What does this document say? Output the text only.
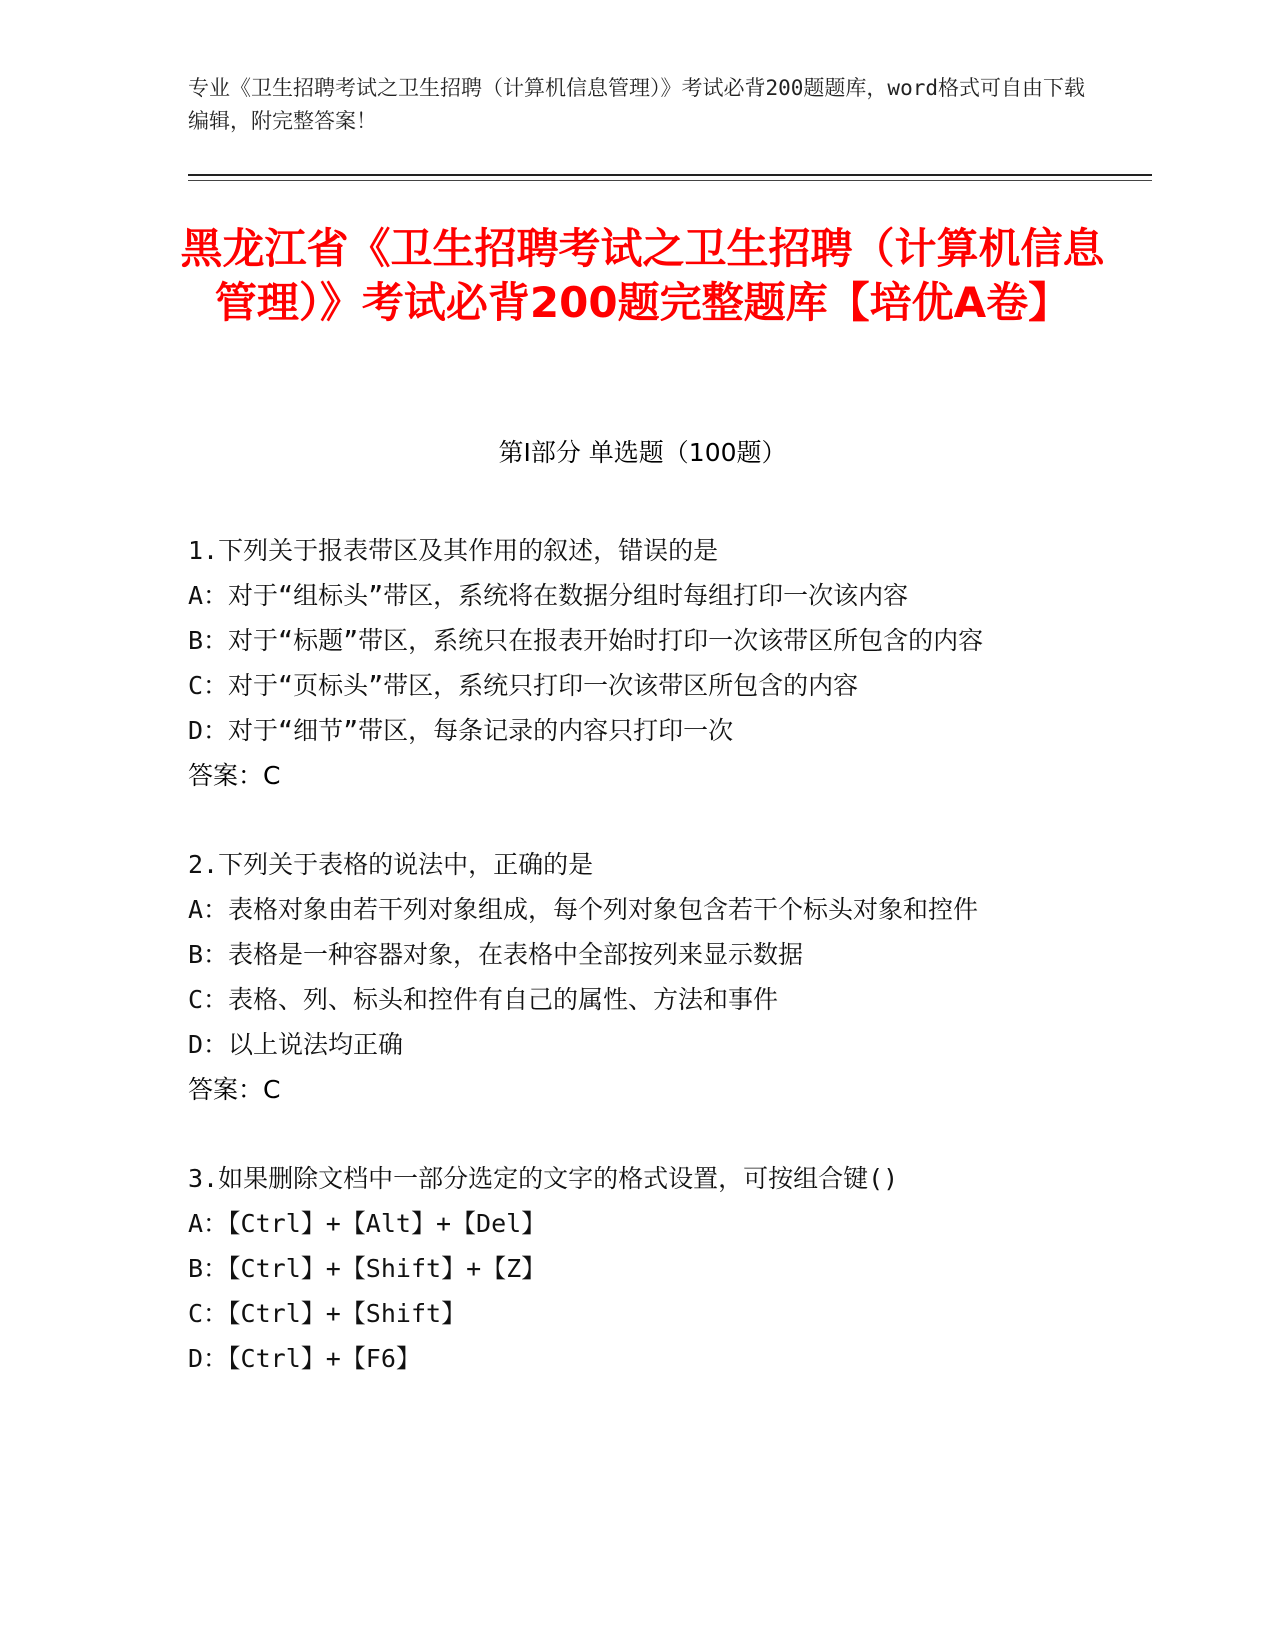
专业《卫生招聘考试之卫生招聘（计算机信息管理）》考试必背200题题库，word格式可自由下载编辑，附完整答案！
黑龙江省《卫生招聘考试之卫生招聘（计算机信息管理）》考试必背200题完整题库【培优A卷】
第Ⅰ部分 单选题（100题）
1.下列关于报表带区及其作用的叙述，错误的是
A：对于“组标头”带区，系统将在数据分组时每组打印一次该内容
B：对于“标题”带区，系统只在报表开始时打印一次该带区所包含的内容
C：对于“页标头”带区，系统只打印一次该带区所包含的内容
D：对于“细节”带区，每条记录的内容只打印一次
答案：C
2.下列关于表格的说法中，正确的是
A：表格对象由若干列对象组成，每个列对象包含若干个标头对象和控件
B：表格是一种容器对象，在表格中全部按列来显示数据
C：表格、列、标头和控件有自己的属性、方法和事件
D：以上说法均正确
答案：C
3.如果删除文档中一部分选定的文字的格式设置，可按组合键()
A：【Ctrl】+【Alt】+【Del】
B：【Ctrl】+【Shift】+【Z】
C：【Ctrl】+【Shift】
D：【Ctrl】+【F6】
